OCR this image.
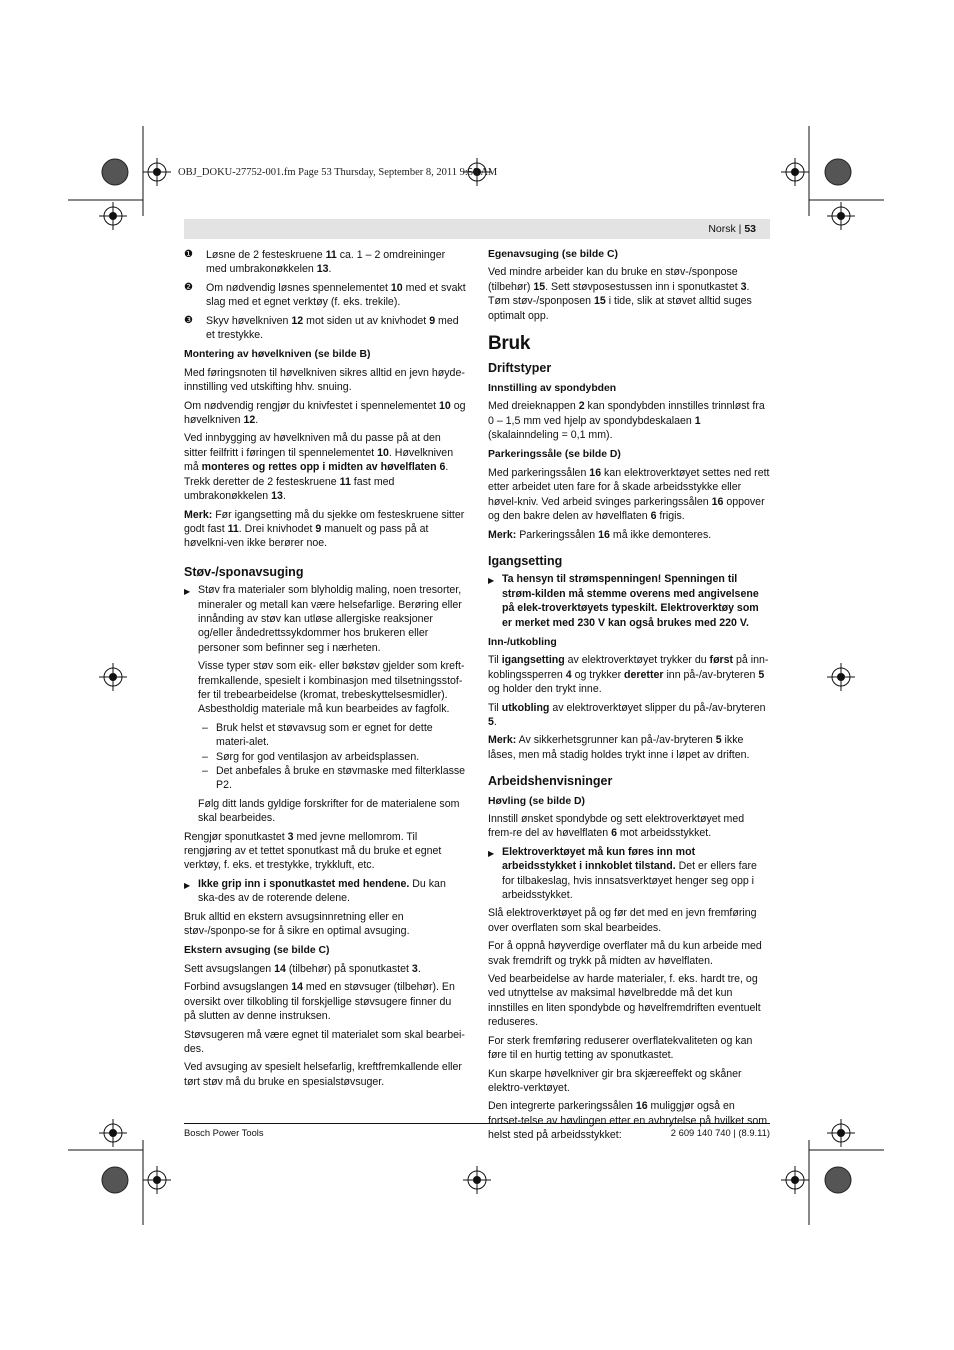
OBJ_DOKU-27752-001.fm Page 53 Thursday, September 8, 2011 9:58 AM
Norsk | 53
❶	Løsne de 2 festeskruene 11 ca. 1 – 2 omdreininger med umbrakonøkkelen 13.
❷	Om nødvendig løsnes spennelementet 10 med et svakt slag med et egnet verktøy (f. eks. trekile).
❸	Skyv høvelkniven 12 mot siden ut av knivhodet 9 med et trestykke.
Montering av høvelkniven (se bilde B)

Med føringsnoten til høvelkniven sikres alltid en jevn høyde-innstilling ved utskifting hhv. snuing.

Om nødvendig rengjør du knivfestet i spennelementet 10 og høvelkniven 12.

Ved innbygging av høvelkniven må du passe på at den sitter feilfritt i føringen til spennelementet 10. Høvelkniven må monteres og rettes opp i midten av høvelflaten 6. Trekk deretter de 2 festeskruene 11 fast med umbrakonøkkelen 13.

Merk: Før igangsetting må du sjekke om festeskruene sitter godt fast 11. Drei knivhodet 9 manuelt og pass på at høvelkni-ven ikke berører noe.

Støv-/sponavsuging
▶ Støv fra materialer som blyholdig maling, noen tresorter, mineraler og metall kan være helsefarlige. Berøring eller innånding av støv kan utløse allergiske reaksjoner og/eller åndedrettssykdommer hos brukeren eller personer som befinner seg i nærheten.

Visse typer støv som eik- eller bøkstøv gjelder som kreft-fremkallende, spesielt i kombinasjon med tilsetningsstof-fer til trebearbeidelse (kromat, trebeskyttelsesmidler). Asbestholdig materiale må kun bearbeides av fagfolk.

– Bruk helst et støvavsug som er egnet for dette materi-alet.
– Sørg for god ventilasjon av arbeidsplassen.
– Det anbefales å bruke en støvmaske med filterklasse P2.

Følg ditt lands gyldige forskrifter for de materialene som skal bearbeides.

Rengjør sponutkastet 3 med jevne mellomrom. Til rengjøring av et tettet sponutkast må du bruke et egnet verktøy, f. eks. et trestykke, trykkluft, etc.

▶ Ikke grip inn i sponutkastet med hendene. Du kan ska-des av de roterende delene.

Bruk alltid en ekstern avsugsinnretning eller en støv-/sponpo-se for å sikre en optimal avsuging.

Ekstern avsuging (se bilde C)

Sett avsugslangen 14 (tilbehør) på sponutkastet 3.

Forbind avsugslangen 14 med en støvsuger (tilbehør). En oversikt over tilkobling til forskjellige støvsugere finner du på slutten av denne instruksen.

Støvsugeren må være egnet til materialet som skal bearbei-des.

Ved avsuging av spesielt helsefarlig, kreftfremkallende eller tørt støv må du bruke en spesialstøvsuger.

Egenavsuging (se bilde C)

Ved mindre arbeider kan du bruke en støv-/sponpose (tilbehør) 15. Sett støvposestussen inn i sponutkastet 3. Tøm støv-/sponposen 15 i tide, slik at støvet alltid suges optimalt opp.

Bruk
Driftstyper
Innstilling av spondybden

Med dreieknappen 2 kan spondybden innstilles trinnløst fra 0 – 1,5 mm ved hjelp av spondybdeskalaen 1 (skalainndeling = 0,1 mm).

Parkeringssåle (se bilde D)

Med parkeringssålen 16 kan elektroverktøyet settes ned rett etter arbeidet uten fare for å skade arbeidsstykke eller høvel-kniv. Ved arbeid svinges parkeringssålen 16 oppover og den bakre delen av høvelflaten 6 frigis.

Merk: Parkeringssålen 16 må ikke demonteres.

Igangsetting
▶ Ta hensyn til strømspenningen! Spenningen til strøm-kilden må stemme overens med angivelsene på elek-troverktøyets typeskilt. Elektroverktøy som er merket med 230 V kan også brukes med 220 V.
Inn-/utkobling

Til igangsetting av elektroverktøyet trykker du først på inn-koblingssperren 4 og trykker deretter inn på-/av-bryteren 5 og holder den trykt inne.

Til utkobling av elektroverktøyet slipper du på-/av-bryteren 5.

Merk: Av sikkerhetsgrunner kan på-/av-bryteren 5 ikke låses, men må stadig holdes trykt inne i løpet av driften.

Arbeidshenvisninger
Høvling (se bilde D)

Innstill ønsket spondybde og sett elektroverktøyet med frem-re del av høvelflaten 6 mot arbeidsstykket.

▶ Elektroverktøyet må kun føres inn mot arbeidsstykket i innkoblet tilstand. Det er ellers fare for tilbakeslag, hvis innsatsverktøyet henger seg opp i arbeidsstykket.

Slå elektroverktøyet på og før det med en jevn fremføring over overflaten som skal bearbeides.

For å oppnå høyverdige overflater må du kun arbeide med svak fremdrift og trykk på midten av høvelflaten.

Ved bearbeidelse av harde materialer, f. eks. hardt tre, og ved utnyttelse av maksimal høvelbredde må det kun innstilles en liten spondybde og høvelfremdriften eventuelt reduseres.

For sterk fremføring reduserer overflatekvaliteten og kan føre til en hurtig tetting av sponutkastet.

Kun skarpe høvelkniver gir bra skjæreeffekt og skåner elektro-verktøyet.

Den integrerte parkeringssålen 16 muliggjør også en fortset-telse av høvlingen etter en avbrytelse på hvilket som helst sted på arbeidsstykket:

Bosch Power Tools	2 609 140 740 | (8.9.11)
